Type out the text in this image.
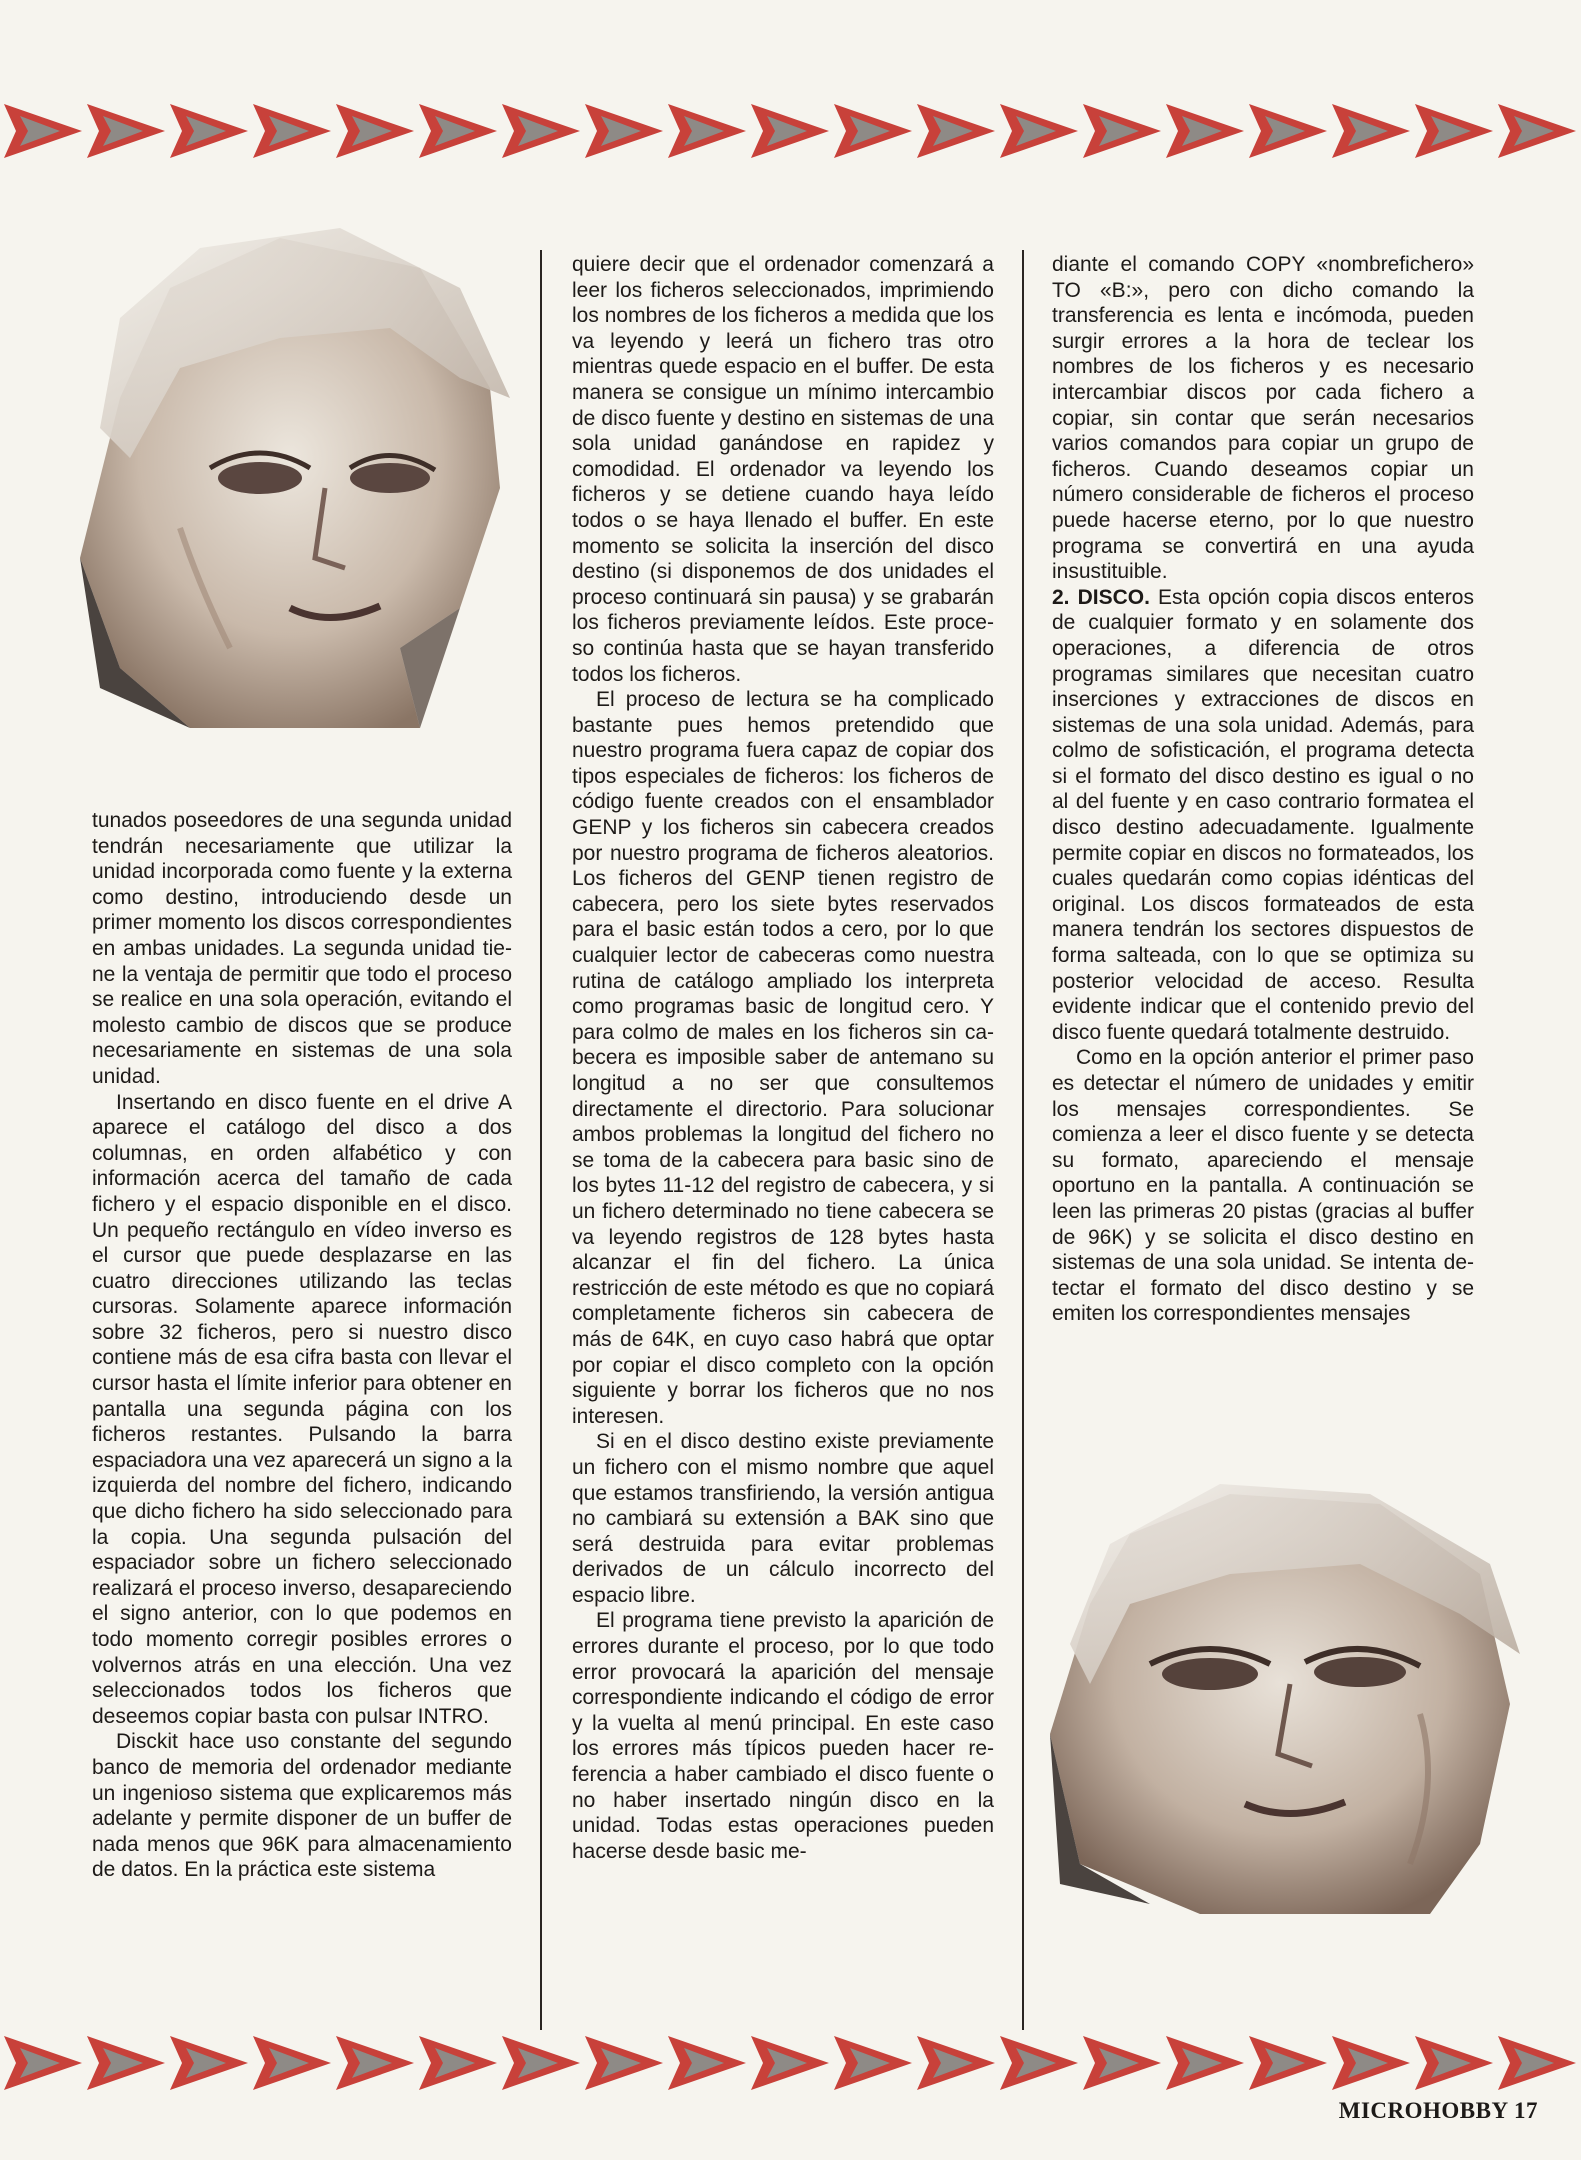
tunados poseedores de una segunda unidad tendrán necesariamente que utilizar la unidad incorporada como fuente y la externa como destino, introduciendo desde un primer momento los discos correspondientes en ambas unidades. La segunda unidad tiene la ventaja de permitir que todo el proceso se realice en una sola operación, evitando el molesto cambio de discos que se produce necesariamente en sistemas de una sola unidad.

Insertando en disco fuente en el drive A aparece el catálogo del disco a dos columnas, en orden alfabético y con información acerca del tamaño de cada fichero y el espacio disponible en el disco. Un pequeño rectángulo en vídeo inverso es el cursor que puede desplazarse en las cuatro direcciones utilizando las teclas cursoras. Solamente aparece información sobre 32 ficheros, pero si nuestro disco contiene más de esa cifra basta con llevar el cursor hasta el límite inferior para obtener en pantalla una segunda página con los ficheros restantes. Pulsando la barra espaciadora una vez aparecerá un signo a la izquierda del nombre del fichero, indicando que dicho fichero ha sido seleccionado para la copia. Una segunda pulsación del espaciador sobre un fichero seleccionado realizará el proceso inverso, desapareciendo el signo anterior, con lo que podemos en todo momento corregir posibles errores o volvernos atrás en una elección. Una vez seleccionados todos los ficheros que deseemos copiar basta con pulsar INTRO.

Disckit hace uso constante del segundo banco de memoria del ordenador mediante un ingenioso sistema que explicaremos más adelante y permite disponer de un buffer de nada menos que 96K para almacenamiento de datos. En la práctica este sistema

quiere decir que el ordenador comenzará a leer los ficheros seleccionados, imprimiendo los nombres de los ficheros a medida que los va leyendo y leerá un fichero tras otro mientras quede espacio en el buffer. De esta manera se consigue un mínimo intercambio de disco fuente y destino en sistemas de una sola unidad ganándose en rapidez y comodidad. El ordenador va leyendo los ficheros y se detiene cuando haya leído todos o se haya llenado el buffer. En este momento se solicita la inserción del disco destino (si disponemos de dos unidades el proceso continuará sin pausa) y se grabarán los ficheros previamente leídos. Este proceso continúa hasta que se hayan transferido todos los ficheros.

El proceso de lectura se ha complicado bastante pues hemos pretendido que nuestro programa fuera capaz de copiar dos tipos especiales de ficheros: los ficheros de código fuente creados con el ensamblador GENP y los ficheros sin cabecera creados por nuestro programa de ficheros aleatorios. Los ficheros del GENP tienen registro de cabecera, pero los siete bytes reservados para el basic están todos a cero, por lo que cualquier lector de cabeceras como nuestra rutina de catálogo ampliado los interpreta como programas basic de longitud cero. Y para colmo de males en los ficheros sin cabecera es imposible saber de antemano su longitud a no ser que consultemos directamente el directorio. Para solucionar ambos problemas la longitud del fichero no se toma de la cabecera para basic sino de los bytes 11-12 del registro de cabecera, y si un fichero determinado no tiene cabecera se va leyendo registros de 128 bytes hasta alcanzar el fin del fichero. La única restricción de este método es que no copiará completamente ficheros sin cabecera de más de 64K, en cuyo caso habrá que optar por copiar el disco completo con la opción siguiente y borrar los ficheros que no nos interesen.

Si en el disco destino existe previamente un fichero con el mismo nombre que aquel que estamos transfiriendo, la versión antigua no cambiará su extensión a BAK sino que será destruida para evitar problemas derivados de un cálculo incorrecto del espacio libre.

El programa tiene previsto la aparición de errores durante el proceso, por lo que todo error provocará la aparición del mensaje correspondiente indicando el código de error y la vuelta al menú principal. En este caso los errores más típicos pueden hacer referencia a haber cambiado el disco fuente o no haber insertado ningún disco en la unidad. Todas estas operaciones pueden hacerse desde basic me-

diante el comando COPY «nombrefichero» TO «B:», pero con dicho comando la transferencia es lenta e incómoda, pueden surgir errores a la hora de teclear los nombres de los ficheros y es necesario intercambiar discos por cada fichero a copiar, sin contar que serán necesarios varios comandos para copiar un grupo de ficheros. Cuando deseamos copiar un número considerable de ficheros el proceso puede hacerse eterno, por lo que nuestro programa se convertirá en una ayuda insustituible.

2. DISCO. Esta opción copia discos enteros de cualquier formato y en solamente dos operaciones, a diferencia de otros programas similares que necesitan cuatro inserciones y extracciones de discos en sistemas de una sola unidad. Además, para colmo de sofisticación, el programa detecta si el formato del disco destino es igual o no al del fuente y en caso contrario formatea el disco destino adecuadamente. Igualmente permite copiar en discos no formateados, los cuales quedarán como copias idénticas del original. Los discos formateados de esta manera tendrán los sectores dispuestos de forma salteada, con lo que se optimiza su posterior velocidad de acceso. Resulta evidente indicar que el contenido previo del disco fuente quedará totalmente destruido.

Como en la opción anterior el primer paso es detectar el número de unidades y emitir los mensajes correspondientes. Se comienza a leer el disco fuente y se detecta su formato, apareciendo el mensaje oportuno en la pantalla. A continuación se leen las primeras 20 pistas (gracias al buffer de 96K) y se solicita el disco destino en sistemas de una sola unidad. Se intenta detectar el formato del disco destino y se emiten los correspondientes mensajes

MICROHOBBY 17
